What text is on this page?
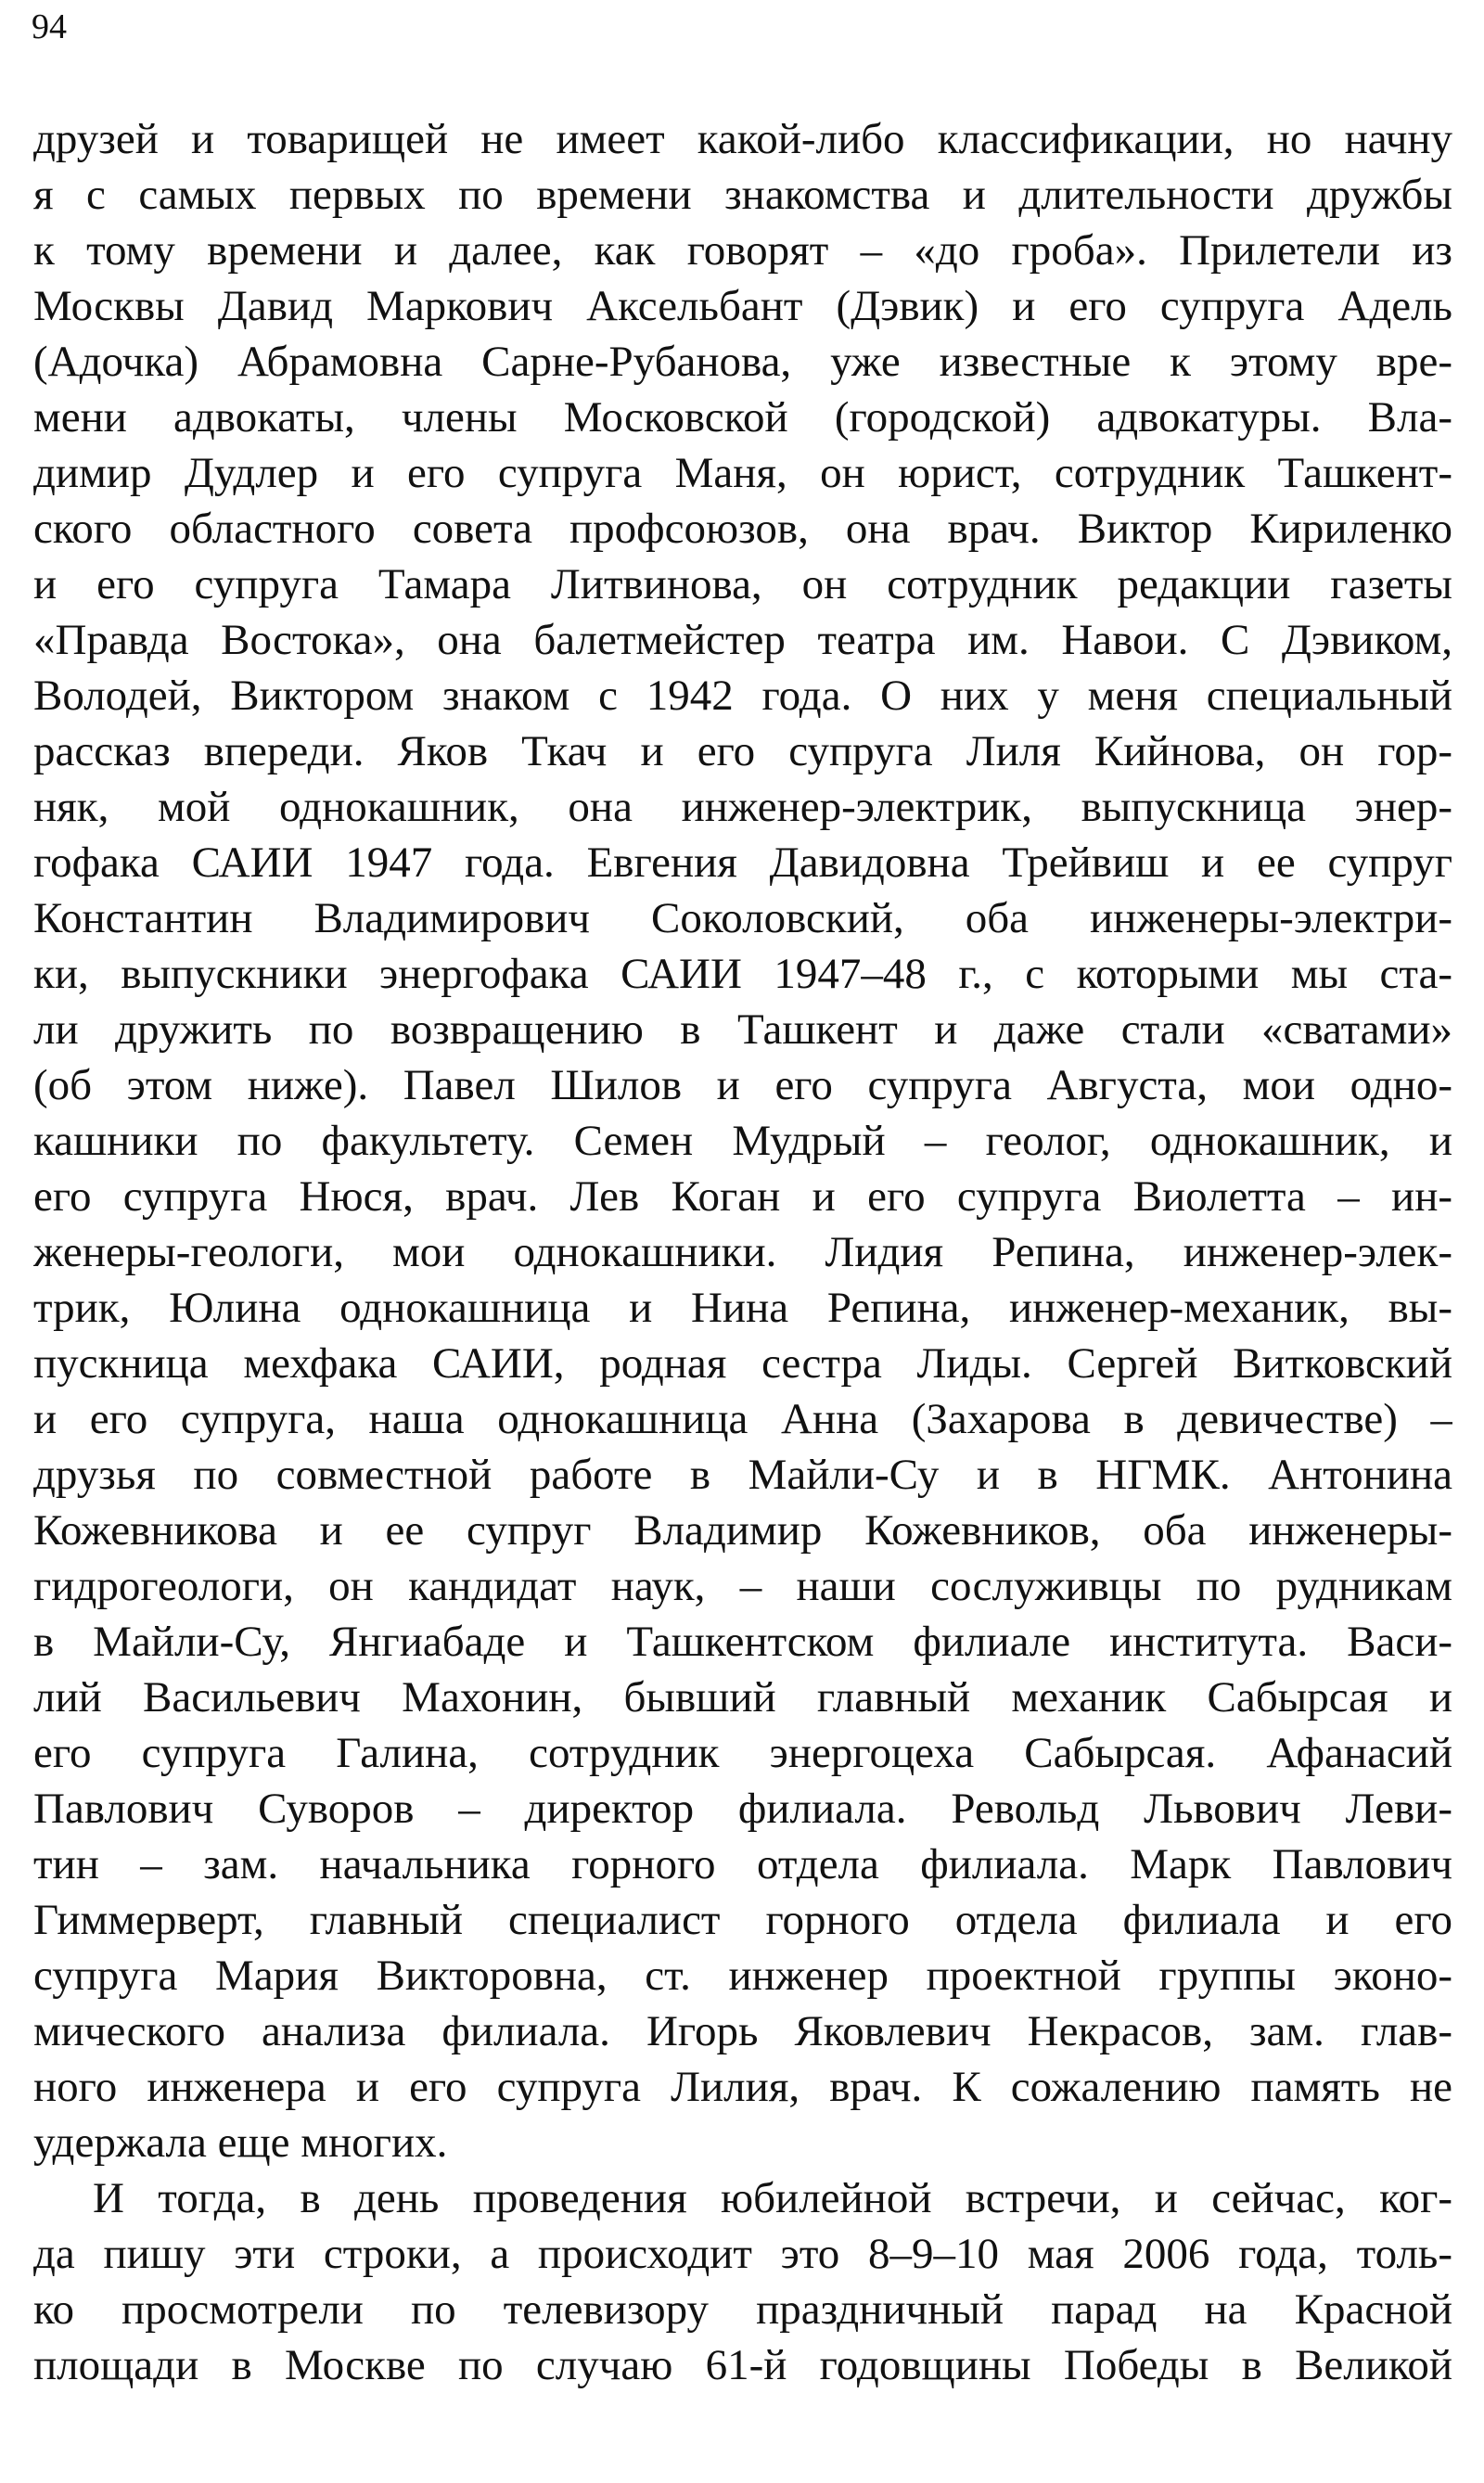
94
друзей и товарищей не имеет какой-либо классификации, но начну
я с самых первых по времени знакомства и длительности дружбы
к тому времени и далее, как говорят – «до гроба». Прилетели из
Москвы Давид Маркович Аксельбант (Дэвик) и его супруга Адель
(Адочка) Абрамовна Сарне-Рубанова, уже известные к этому вре-
мени адвокаты, члены Московской (городской) адвокатуры. Вла-
димир Дудлер и его супруга Маня, он юрист, сотрудник Ташкент-
ского областного совета профсоюзов, она врач. Виктор Кириленко
и его супруга Тамара Литвинова, он сотрудник редакции газеты
«Правда Востока», она балетмейстер театра им. Навои. С Дэвиком,
Володей, Виктором знаком с 1942 года. О них у меня специальный
рассказ впереди. Яков Ткач и его супруга Лиля Кийнова, он гор-
няк, мой однокашник, она инженер-электрик, выпускница энер-
гофака САИИ 1947 года. Евгения Давидовна Трейвиш и ее супруг
Константин Владимирович Соколовский, оба инженеры-электри-
ки, выпускники энергофака САИИ 1947–48 г., с которыми мы ста-
ли дружить по возвращению в Ташкент и даже стали «сватами»
(об этом ниже). Павел Шилов и его супруга Августа, мои одно-
кашники по факультету. Семен Мудрый – геолог, однокашник, и
его супруга Нюся, врач. Лев Коган и его супруга Виолетта – ин-
женеры-геологи, мои однокашники. Лидия Репина, инженер-элек-
трик, Юлина однокашница и Нина Репина, инженер-механик, вы-
пускница мехфака САИИ, родная сестра Лиды. Сергей Витковский
и его супруга, наша однокашница Анна (Захарова в девичестве) –
друзья по совместной работе в Майли-Су и в НГМК. Антонина
Кожевникова и ее супруг Владимир Кожевников, оба инженеры-
гидрогеологи, он кандидат наук, – наши сослуживцы по рудникам
в Майли-Су, Янгиабаде и Ташкентском филиале института. Васи-
лий Васильевич Махонин, бывший главный механик Сабырсая и
его супруга Галина, сотрудник энергоцеха Сабырсая. Афанасий
Павлович Суворов – директор филиала. Револьд Львович Леви-
тин – зам. начальника горного отдела филиала. Марк Павлович
Гиммерверт, главный специалист горного отдела филиала и его
супруга Мария Викторовна, ст. инженер проектной группы эконо-
мического анализа филиала. Игорь Яковлевич Некрасов, зам. глав-
ного инженера и его супруга Лилия, врач. К сожалению память не
удержала еще многих.
И тогда, в день проведения юбилейной встречи, и сейчас, ког-
да пишу эти строки, а происходит это 8–9–10 мая 2006 года, толь-
ко просмотрели по телевизору праздничный парад на Красной
площади в Москве по случаю 61-й годовщины Победы в Великой
